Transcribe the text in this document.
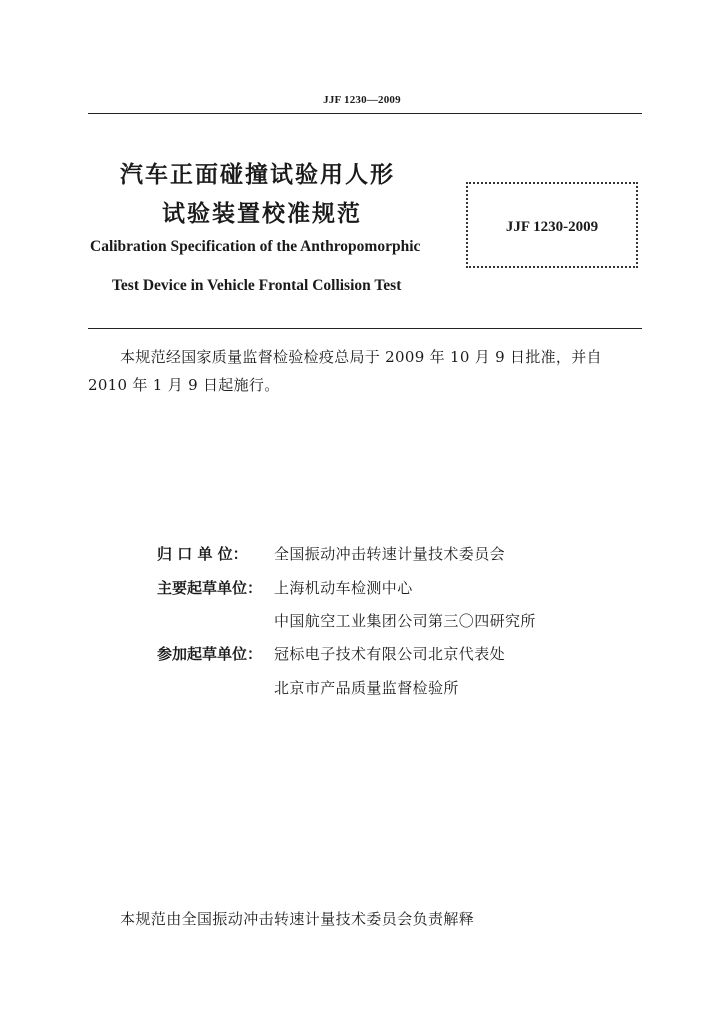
JJF 1230—2009
汽车正面碰撞试验用人形
试验装置校准规范
Calibration Specification of the Anthropomorphic
Test Device in Vehicle Frontal Collision Test
JJF 1230-2009
本规范经国家质量监督检验检疫总局于 2009 年 10 月 9 日批准，并自
2010 年 1 月 9 日起施行。
归 口 单 位： 全国振动冲击转速计量技术委员会
主要起草单位： 上海机动车检测中心
中国航空工业集团公司第三〇四研究所
参加起草单位： 冠标电子技术有限公司北京代表处
北京市产品质量监督检验所
本规范由全国振动冲击转速计量技术委员会负责解释
